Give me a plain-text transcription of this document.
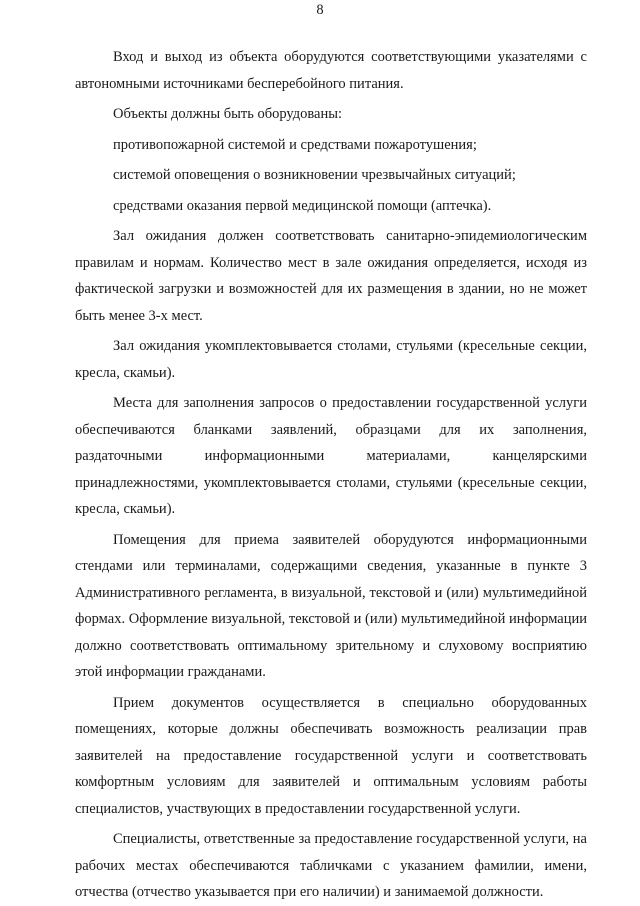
8

Вход и выход из объекта оборудуются соответствующими указателями с автономными источниками бесперебойного питания.

Объекты должны быть оборудованы:

противопожарной системой и средствами пожаротушения;

системой оповещения о возникновении чрезвычайных ситуаций;

средствами оказания первой медицинской помощи (аптечка).

Зал ожидания должен соответствовать санитарно-эпидемиологическим правилам и нормам. Количество мест в зале ожидания определяется, исходя из фактической загрузки и возможностей для их размещения в здании, но не может быть менее 3-х мест.

Зал ожидания укомплектовывается столами, стульями (кресельные секции, кресла, скамьи).

Места для заполнения запросов о предоставлении государственной услуги обеспечиваются бланками заявлений, образцами для их заполнения, раздаточными информационными материалами, канцелярскими принадлежностями, укомплектовывается столами, стульями (кресельные секции, кресла, скамьи).

Помещения для приема заявителей оборудуются информационными стендами или терминалами, содержащими сведения, указанные в пункте 3 Административного регламента, в визуальной, текстовой и (или) мультимедийной формах. Оформление визуальной, текстовой и (или) мультимедийной информации должно соответствовать оптимальному зрительному и слуховому восприятию этой информации гражданами.

Прием документов осуществляется в специально оборудованных помещениях, которые должны обеспечивать возможность реализации прав заявителей на предоставление государственной услуги и соответствовать комфортным условиям для заявителей и оптимальным условиям работы специалистов, участвующих в предоставлении государственной услуги.

Специалисты, ответственные за предоставление государственной услуги, на рабочих местах обеспечиваются табличками с указанием фамилии, имени, отчества (отчество указывается при его наличии) и занимаемой должности.
